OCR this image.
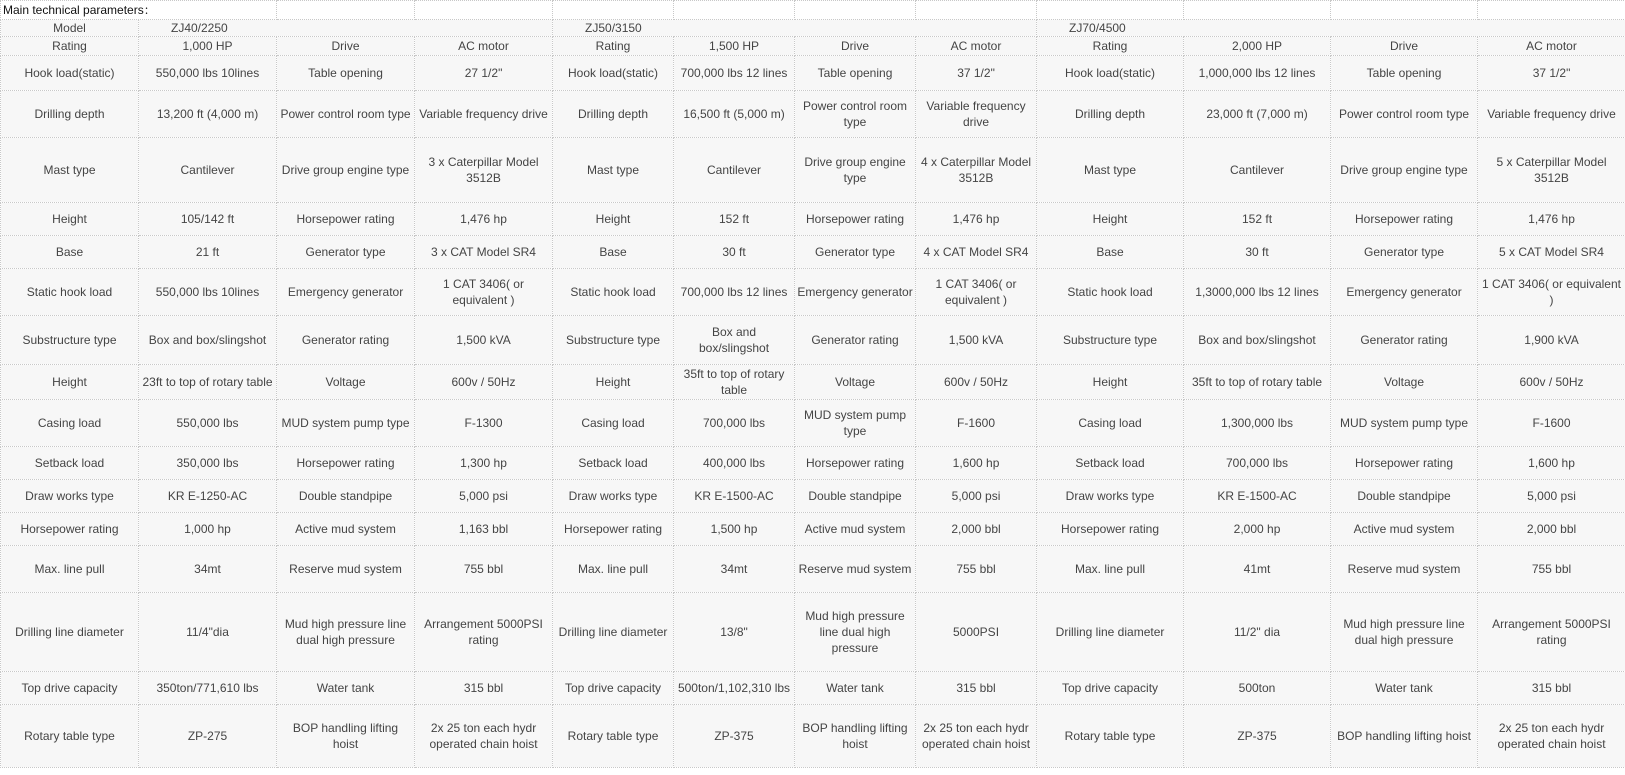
Main technical parameters：											
Model	ZJ40/2250			ZJ50/3150				ZJ70/4500			
Rating	1,000 HP	Drive	AC motor	Rating	1,500 HP	Drive	AC motor	Rating	2,000 HP	Drive	AC motor
Hook load(static)	550,000 lbs 10lines	Table opening	27 1/2"	Hook load(static)	700,000 lbs 12 lines	Table opening	37 1/2"	Hook load(static)	1,000,000 lbs 12 lines	Table opening	37 1/2"
Drilling depth	13,200 ft (4,000 m)	Power control room type	Variable frequency drive	Drilling depth	16,500 ft (5,000 m)	Power control room type	Variable frequency drive	Drilling depth	23,000 ft (7,000 m)	Power control room type	Variable frequency drive
Mast type	Cantilever	Drive group engine type	3 x Caterpillar Model 3512B	Mast type	Cantilever	Drive group engine type	4 x Caterpillar Model 3512B	Mast type	Cantilever	Drive group engine type	5 x Caterpillar Model 3512B
Height	105/142 ft	Horsepower rating	1,476 hp	Height	152 ft	Horsepower rating	1,476 hp	Height	152 ft	Horsepower rating	1,476 hp
Base	21 ft	Generator type	3 x CAT Model SR4	Base	30 ft	Generator type	4 x CAT Model SR4	Base	30 ft	Generator type	5 x CAT Model SR4
Static hook load	550,000 lbs 10lines	Emergency generator	1 CAT 3406( or equivalent )	Static hook load	700,000 lbs 12 lines	Emergency generator	1 CAT 3406( or equivalent )	Static hook load	1,3000,000 lbs 12 lines	Emergency generator	1 CAT 3406( or equivalent )
Substructure type	Box and box/slingshot	Generator rating	1,500 kVA	Substructure type	Box and box/slingshot	Generator rating	1,500 kVA	Substructure type	Box and box/slingshot	Generator rating	1,900 kVA
Height	23ft to top of rotary table	Voltage	600v / 50Hz	Height	35ft to top of rotary table	Voltage	600v / 50Hz	Height	35ft to top of rotary table	Voltage	600v / 50Hz
Casing load	550,000 lbs	MUD system pump type	F-1300	Casing load	700,000 lbs	MUD system pump type	F-1600	Casing load	1,300,000 lbs	MUD system pump type	F-1600
Setback load	350,000 lbs	Horsepower rating	1,300 hp	Setback load	400,000 lbs	Horsepower rating	1,600 hp	Setback load	700,000 lbs	Horsepower rating	1,600 hp
Draw works type	KR E-1250-AC	Double standpipe	5,000 psi	Draw works type	KR E-1500-AC	Double standpipe	5,000 psi	Draw works type	KR E-1500-AC	Double standpipe	5,000 psi
Horsepower rating	1,000 hp	Active mud system	1,163 bbl	Horsepower rating	1,500 hp	Active mud system	2,000 bbl	Horsepower rating	2,000 hp	Active mud system	2,000 bbl
Max. line pull	34mt	Reserve mud system	755 bbl	Max. line pull	34mt	Reserve mud system	755 bbl	Max. line pull	41mt	Reserve mud system	755 bbl
Drilling line diameter	11/4"dia	Mud high pressure line dual high pressure	Arrangement 5000PSI rating	Drilling line diameter	13/8"	Mud high pressure line dual high pressure	5000PSI	Drilling line diameter	11/2" dia	Mud high pressure line dual high pressure	Arrangement 5000PSI rating
Top drive capacity	350ton/771,610 lbs	Water tank	315 bbl	Top drive capacity	500ton/1,102,310 lbs	Water tank	315 bbl	Top drive capacity	500ton	Water tank	315 bbl
Rotary table type	ZP-275	BOP handling lifting hoist	2x 25 ton each hydr operated chain hoist	Rotary table type	ZP-375	BOP handling lifting hoist	2x 25 ton each hydr operated chain hoist	Rotary table type	ZP-375	BOP handling lifting hoist	2x 25 ton each hydr operated chain hoist
